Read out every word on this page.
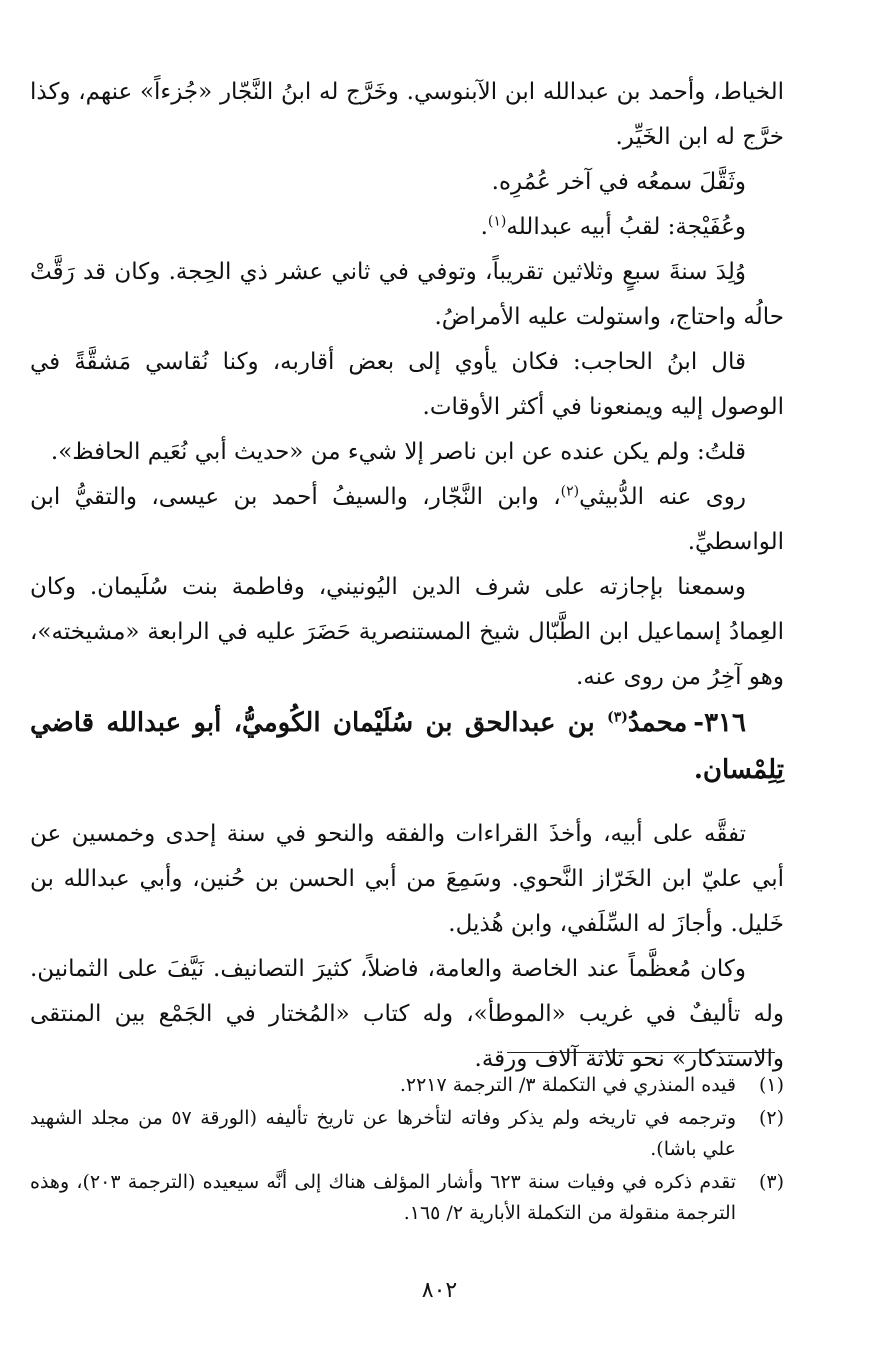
الخياط، وأحمد بن عبدالله ابن الآبنوسي. وخَرَّج له ابنُ النَّجّار «جُزءاً» عنهم، وكذا خرَّج له ابن الخَيِّر.

وثَقَّلَ سمعُه في آخر عُمُرِه.

وعُفَيْجة: لقبُ أبيه عبدالله$^{(١)}$.

وُلِدَ سنةَ سبعٍ وثلاثين تقريباً، وتوفي في ثاني عشر ذي الحِجة. وكان قد رَقَّتْ حالُه واحتاج، واستولت عليه الأمراضُ.

قال ابنُ الحاجب: فكان يأوي إلى بعض أقاربه، وكنا نُقاسي مَشقَّةً في الوصول إليه ويمنعونا في أكثر الأوقات.

قلتُ: ولم يكن عنده عن ابن ناصر إلا شيء من «حديث أبي نُعَيم الحافظ».

روى عنه الدُّبيثي$^{(٢)}$، وابن النَّجّار، والسيفُ أحمد بن عيسى، والتقيُّ ابن الواسطيِّ.

وسمعنا بإجازته على شرف الدين اليُونيني، وفاطمة بنت سُلَيمان. وكان العِمادُ إسماعيل ابن الطَّبّال شيخ المستنصرية حَضَرَ عليه في الرابعة «مشيخته»، وهو آخِرُ من روى عنه.

٣١٦-محمدُ$^{(٣)}$ بن عبدالحق بن سُلَيْمان الكُوميُّ، أبو عبدالله قاضي تِلِمْسان.

تفقَّه على أبيه، وأخذَ القراءات والفقه والنحو في سنة إحدى وخمسين عن أبي عليّ ابن الخَرّاز النَّحوي. وسَمِعَ من أبي الحسن بن حُنين، وأبي عبدالله بن خَليل. وأجازَ له السِّلَفي، وابن هُذيل.

وكان مُعظَّماً عند الخاصة والعامة، فاضلاً، كثيرَ التصانيف. نَيَّفَ على الثمانين. وله تأليفٌ في غريب «الموطأ»، وله كتاب «المُختار في الجَمْع بين المنتقى والاستذكار» نحو ثلاثة آلاف ورقة.

(١)
قيده المنذري في التكملة ٣/ الترجمة ٢٢١٧.
(٢)
وترجمه في تاريخه ولم يذكر وفاته لتأخرها عن تاريخ تأليفه (الورقة ٥٧ من مجلد الشهيد علي باشا).
(٣)
تقدم ذكره في وفيات سنة ٦٢٣ وأشار المؤلف هناك إلى أنَّه سيعيده (الترجمة ٢٠٣)، وهذه الترجمة منقولة من التكملة الأبارية ٢/ ١٦٥.
٨٠٢
